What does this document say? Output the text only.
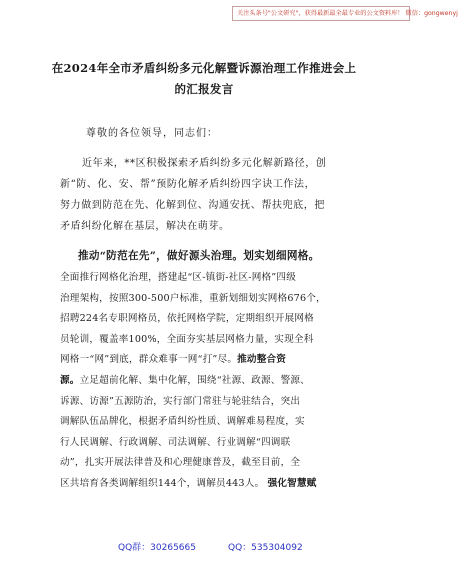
关注头条号"公文研究"，获得最新最全最专业的公文资料库！ 微信：gongwenyj
在2024年全市矛盾纠纷多元化解暨诉源治理工作推进会上
的汇报发言
尊敬的各位领导，同志们：
近年来，**区积极探索矛盾纠纷多元化解新路径，创
新“防、化、安、帮”预防化解矛盾纠纷四字诀工作法，
努力做到防范在先、化解到位、沟通安抚、帮扶兜底，把
矛盾纠纷化解在基层，解决在萌芽。
推动“防范在先”，做好源头治理。划实划细网格。
全面推行网格化治理，搭建起“区-镇街-社区-网格”四级
治理架构，按照300-500户标准，重新划细划实网格676个，
招聘224名专职网格员，依托网格学院，定期组织开展网格
员轮训，覆盖率100%，全面夯实基层网格力量，实现全科
网格一“网”到底，群众难事一网“打”尽。推动整合资
源。立足超前化解、集中化解，围绕“社源、政源、警源、
诉源、访源”五源防治，实行部门常驻与轮驻结合，突出
调解队伍品牌化，根据矛盾纠纷性质、调解难易程度，实
行人民调解、行政调解、司法调解、行业调解“四调联
动”，扎实开展法律普及和心理健康普及，截至目前，全
区共培育各类调解组织144个，调解员443人。 强化智慧赋
QQ群：30265665	QQ：535304092
